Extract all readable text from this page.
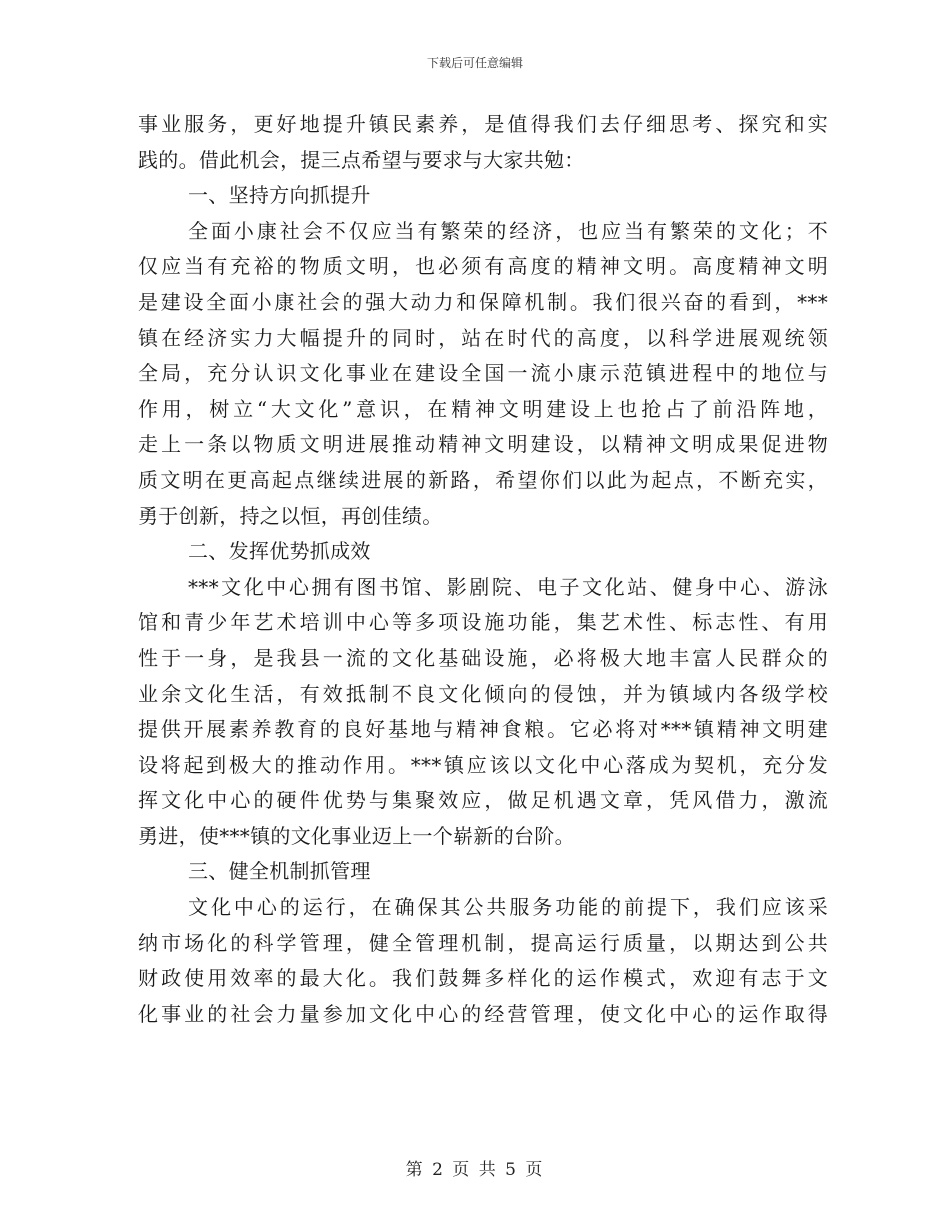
下载后可任意编辑
事业服务，更好地提升镇民素养，是值得我们去仔细思考、探究和实
践的。借此机会，提三点希望与要求与大家共勉：
一、坚持方向抓提升
全面小康社会不仅应当有繁荣的经济，也应当有繁荣的文化；不
仅应当有充裕的物质文明，也必须有高度的精神文明。高度精神文明
是建设全面小康社会的强大动力和保障机制。我们很兴奋的看到，***
镇在经济实力大幅提升的同时，站在时代的高度，以科学进展观统领
全局，充分认识文化事业在建设全国一流小康示范镇进程中的地位与
作用，树立“大文化”意识，在精神文明建设上也抢占了前沿阵地，
走上一条以物质文明进展推动精神文明建设，以精神文明成果促进物
质文明在更高起点继续进展的新路，希望你们以此为起点，不断充实，
勇于创新，持之以恒，再创佳绩。
二、发挥优势抓成效
***文化中心拥有图书馆、影剧院、电子文化站、健身中心、游泳
馆和青少年艺术培训中心等多项设施功能，集艺术性、标志性、有用
性于一身，是我县一流的文化基础设施，必将极大地丰富人民群众的
业余文化生活，有效抵制不良文化倾向的侵蚀，并为镇域内各级学校
提供开展素养教育的良好基地与精神食粮。它必将对***镇精神文明建
设将起到极大的推动作用。***镇应该以文化中心落成为契机，充分发
挥文化中心的硬件优势与集聚效应，做足机遇文章，凭风借力，激流
勇进，使***镇的文化事业迈上一个崭新的台阶。
三、健全机制抓管理
文化中心的运行，在确保其公共服务功能的前提下，我们应该采
纳市场化的科学管理，健全管理机制，提高运行质量，以期达到公共
财政使用效率的最大化。我们鼓舞多样化的运作模式，欢迎有志于文
化事业的社会力量参加文化中心的经营管理，使文化中心的运作取得
第 2 页 共 5 页
